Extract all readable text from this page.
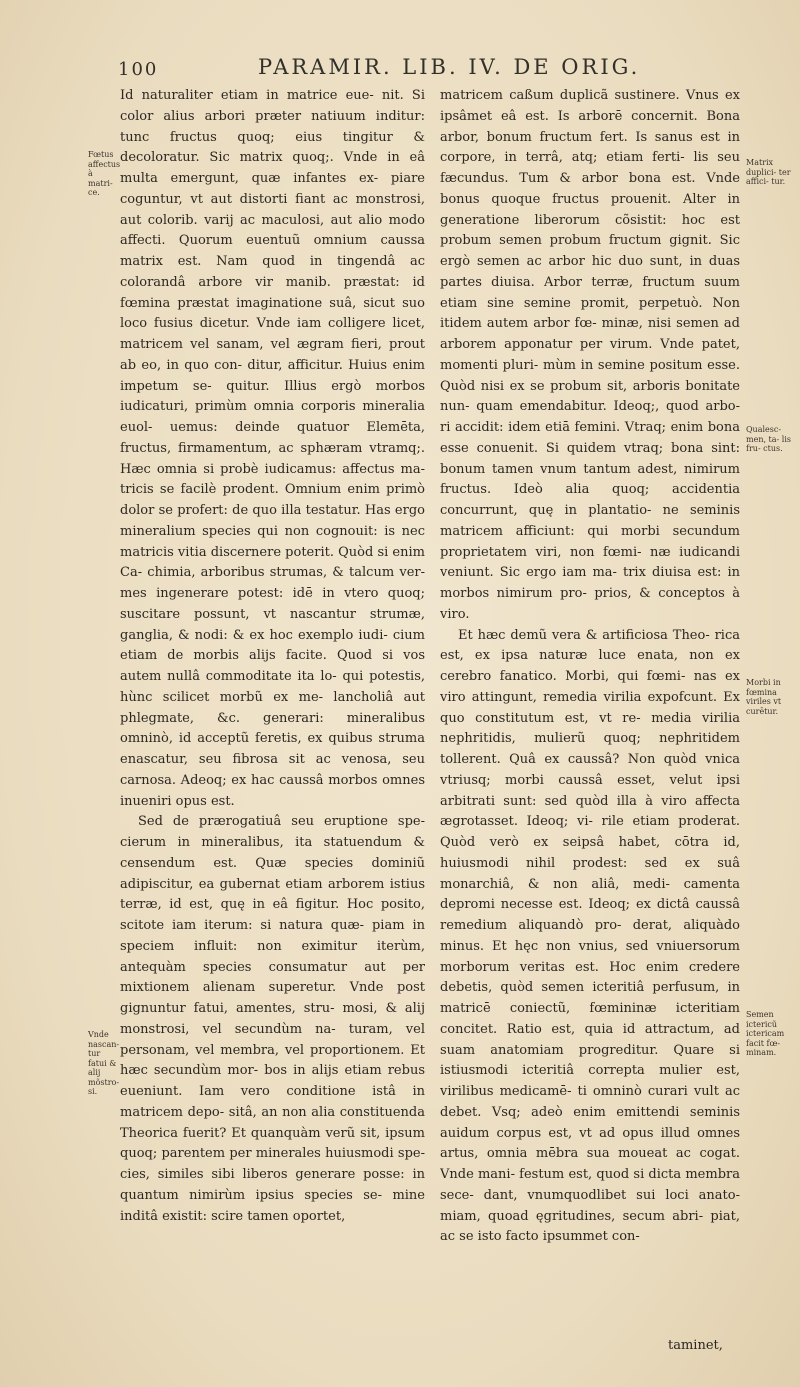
100	PARAMIR. LIB. IV. DE ORIG.

Id naturaliter etiam in matrice eue- nit. Si color alius arbori præter natiuum inditur: tunc fructus quoq; eius tingitur & decoloratur. Sic matrix quoq;. Vnde in eâ multa emergunt, quæ infantes ex- piare coguntur, vt aut distorti fiant ac monstrosi, aut colorib. varij ac maculosi, aut alio modo affecti. Quorum euentuũ omnium caussa matrix est. Nam quod in tingendâ ac colorandâ arbore vir manib. præstat: id fœmina præstat imaginatione suâ, sicut suo loco fusius dicetur. Vnde iam colligere licet, matricem vel sanam, vel ægram fieri, prout ab eo, in quo con- ditur, afficitur. Huius enim impetum se- quitur. Illius ergò morbos iudicaturi, primùm omnia corporis mineralia euol- uemus: deinde quatuor Elemēta, fructus, firmamentum, ac sphæram vtramq;. Hæc omnia si probè iudicamus: affectus ma- tricis se facilè prodent. Omnium enim primò dolor se profert: de quo illa testatur. Has ergo mineralium species qui non cognouit: is nec matricis vitia discernere poterit. Quòd si enim Ca- chimia, arboribus strumas, & talcum ver- mes ingenerare potest: idē in vtero quoq; suscitare possunt, vt nascantur strumæ, ganglia, & nodi: & ex hoc exemplo iudi- cium etiam de morbis alijs facite. Quod si vos autem nullâ commoditate ita lo- qui potestis, hùnc scilicet morbũ ex me- lancholiâ aut phlegmate, &c. generari: mineralibus omninò, id acceptũ feretis, ex quibus struma enascatur, seu fibrosa sit ac venosa, seu carnosa. Adeoq; ex hac caussâ morbos omnes inueniri opus est.

Sed de prærogatiuâ seu eruptione spe- cierum in mineralibus, ita statuendum & censendum est. Quæ species dominiũ adipiscitur, ea gubernat etiam arborem istius terræ, id est, quę in eâ figitur. Hoc posito, scitote iam iterum: si natura quæ- piam in speciem influit: non eximitur iterùm, antequàm species consumatur aut per mixtionem alienam superetur. Vnde post gignuntur fatui, amentes, stru- mosi, & alij monstrosi, vel secundùm na- turam, vel personam, vel membra, vel proportionem. Et hæc secundùm mor- bos in alijs etiam rebus eueniunt. Iam vero conditione istâ in matricem depo- sitâ, an non alia constituenda Theorica fuerit? Et quanquàm verũ sit, ipsum quoq; parentem per minerales huiusmodi spe- cies, similes sibi liberos generare posse: in quantum nimirùm ipsius species se- mine inditâ existit: scire tamen oportet,

matricem caßum duplicã sustinere. Vnus ex ipsâmet eâ est. Is arborē concernit. Bona arbor, bonum fructum fert. Is sanus est in corpore, in terrâ, atq; etiam ferti- lis seu fæcundus. Tum & arbor bona est. Vnde bonus quoque fructus prouenit. Alter in generatione liberorum cõsistit: hoc est probum semen probum fructum gignit. Sic ergò semen ac arbor hic duo sunt, in duas partes diuisa. Arbor terræ, fructum suum etiam sine semine promit, perpetuò. Non itidem autem arbor fœ- minæ, nisi semen ad arborem apponatur per virum. Vnde patet, momenti pluri- mùm in semine positum esse. Quòd nisi ex se probum sit, arboris bonitate nun- quam emendabitur. Ideoq;, quod arbo- ri accidit: idem etiā femini. Vtraq; enim bona esse conuenit. Si quidem vtraq; bona sint: bonum tamen vnum tantum adest, nimirum fructus. Ideò alia quoq; accidentia concurrunt, quę in plantatio- ne seminis matricem afficiunt: qui morbi secundum proprietatem viri, non fœmi- næ iudicandi veniunt. Sic ergo iam ma- trix diuisa est: in morbos nimirum pro- prios, & conceptos à viro.

Et hæc demũ vera & artificiosa Theo- rica est, ex ipsa naturæ luce enata, non ex cerebro fanatico. Morbi, qui fœmi- nas ex viro attingunt, remedia virilia expofcunt. Ex quo constitutum est, vt re- media virilia nephritidis, mulierũ quoq; nephritidem tollerent. Quâ ex caussâ? Non quòd vnica vtriusq; morbi caussâ esset, velut ipsi arbitrati sunt: sed quòd illa à viro affecta ægrotasset. Ideoq; vi- rile etiam proderat. Quòd verò ex seipsâ habet, cōtra id, huiusmodi nihil prodest: sed ex suâ monarchiâ, & non aliâ, medi- camenta depromi necesse est. Ideoq; ex dictâ caussâ remedium aliquandò pro- derat, aliquàdo minus. Et hęc non vnius, sed vniuersorum morborum veritas est. Hoc enim credere debetis, quòd semen icteritiâ perfusum, in matricē coniectũ, fœmininæ icteritiam concitet. Ratio est, quia id attractum, ad suam anatomiam progreditur. Quare si istiusmodi icteritiâ correpta mulier est, virilibus medicamē- ti omninò curari vult ac debet. Vsq; adeò enim emittendi seminis auidum corpus est, vt ad opus illud omnes artus, omnia mēbra sua moueat ac cogat. Vnde mani- festum est, quod si dicta membra sece- dant, vnumquodlibet sui loci anato- miam, quoad ęgritudines, secum abri- piat, ac se isto facto ipsummet con-

taminet,
Fœtus affectus à matri- ce.
Vnde nascan- tur fatui & alij mõstro- si.
Matrix duplici- ter affici- tur.
Qualesc- men, ta- lis fru- ctus.
Morbi in fœmina viriles vt curētur.
Semen ictericũ ictericam facit fœ- minam.
